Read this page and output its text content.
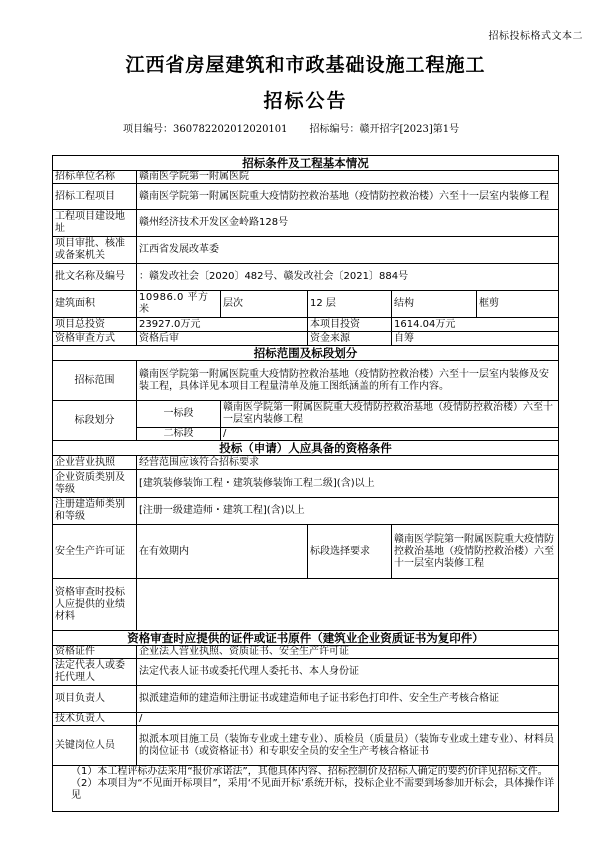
招标投标格式文本二
江西省房屋建筑和市政基础设施工程施工
招标公告
项目编号：36078220201202010​1 招标编号：赣开招字[2023]第1号
招标条件及工程基本情况					
招标单位名称	赣南医学院第一附属医院				
招标工程项目	赣南医学院第一附属医院重大疫情防控救治基地（疫情防控救治楼）六至十一层室内装修工程				
工程项目建设地址	赣州经济技术开发区金岭路128号				
项目审批、核准或备案机关	江西省发展改革委				
批文名称及编号	：赣发改社会〔2020〕482号、赣发改社会〔2021〕884号				
建筑面积	10986.0 平方米	层次	12 层	结构	框剪
项目总投资	23927.0万元		本项目投资	1614.04万元	
资格审查方式	资格后审		资金来源	自筹	
招标范围及标段划分					
招标范围	赣南医学院第一附属医院重大疫情防控救治基地（疫情防控救治楼）六至十一层室内装修及安装工程，具体详见本项目工程量清单及施工图纸涵盖的所有工作内容。				
标段划分	一标段	赣南医学院第一附属医院重大疫情防控救治基地（疫情防控救治楼）六至十一层室内装修工程			
	二标段	/			
投标（申请）人应具备的资格条件					
企业营业执照	经营范围应该符合招标要求				
企业资质类别及等级	[建筑装修装饰工程・建筑装修装饰工程二级](含)以上				
注册建造师类别和等级	[注册一级建造师・建筑工程](含)以上				
安全生产许可证	在有效期内		标段选择要求	赣南医学院第一附属医院重大疫情防控救治基地（疫情防控救治楼）六至十一层室内装修工程	
资格审查时投标人应提供的业绩材料					
资格审查时应提供的证件或证书原件（建筑业企业资质证书为复印件）					
资格证件	企业法人营业执照、资质证书、安全生产许可证				
法定代表人或委托代理人	法定代表人证书或委托代理人委托书、本人身份证				
项目负责人	拟派建造师的建造师注册证书或建造师电子证书彩色打印件、安全生产考核合格证				
技术负责人	/				
关键岗位人员	拟派本项目施工员（装饰专业或土建专业）、质检员（质量员）（装饰专业或土建专业）、材料员的岗位证书（或资格证书）和专职安全员的安全生产考核合格证书				
（1）本工程评标办法采用“报价承诺法”，其他具体内容、招标控制价及招标人确定的要约价详见招标文件。（2）本项目为“不见面开标项目”，采用‘不见面开标’系统开标，投标企业不需要到场参加开标会，具体操作详见					
